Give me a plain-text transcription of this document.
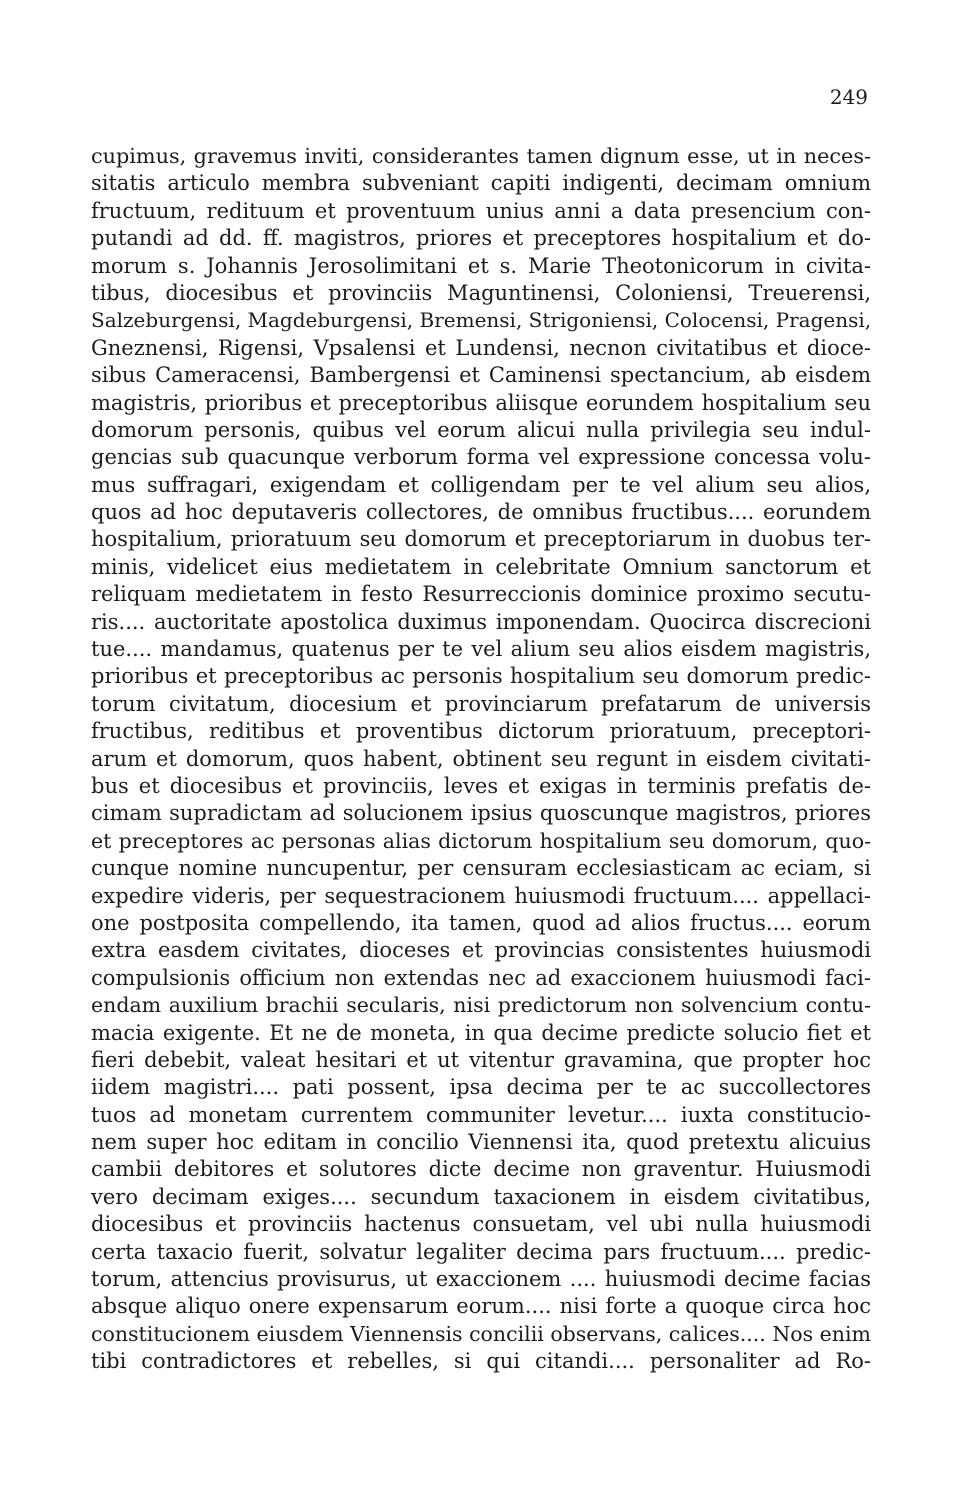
249
cupimus, gravemus inviti, considerantes tamen dignum esse, ut in neces-
sitatis articulo membra subveniant capiti indigenti, decimam omnium
fructuum, redituum et proventuum unius anni a data presencium con-
putandi ad dd. ff. magistros, priores et preceptores hospitalium et do-
morum s. Johannis Jerosolimitani et s. Marie Theotonicorum in civita-
tibus, diocesibus et provinciis Maguntinensi, Coloniensi, Treuerensi,
Salzeburgensi, Magdeburgensi, Bremensi, Strigoniensi, Colocensi, Pragensi,
Gneznensi, Rigensi, Vpsalensi et Lundensi, necnon civitatibus et dioce-
sibus Cameracensi, Bambergensi et Caminensi spectancium, ab eisdem
magistris, prioribus et preceptoribus aliisque eorundem hospitalium seu
domorum personis, quibus vel eorum alicui nulla privilegia seu indul-
gencias sub quacunque verborum forma vel expressione concessa volu-
mus suffragari, exigendam et colligendam per te vel alium seu alios,
quos ad hoc deputaveris collectores, de omnibus fructibus.... eorundem
hospitalium, prioratuum seu domorum et preceptoriarum in duobus ter-
minis, videlicet eius medietatem in celebritate Omnium sanctorum et
reliquam medietatem in festo Resurreccionis dominice proximo secutu-
ris.... auctoritate apostolica duximus imponendam. Quocirca discrecioni
tue.... mandamus, quatenus per te vel alium seu alios eisdem magistris,
prioribus et preceptoribus ac personis hospitalium seu domorum predic-
torum civitatum, diocesium et provinciarum prefatarum de universis
fructibus, reditibus et proventibus dictorum prioratuum, preceptori-
arum et domorum, quos habent, obtinent seu regunt in eisdem civitati-
bus et diocesibus et provinciis, leves et exigas in terminis prefatis de-
cimam supradictam ad solucionem ipsius quoscunque magistros, priores
et preceptores ac personas alias dictorum hospitalium seu domorum, quo-
cunque nomine nuncupentur, per censuram ecclesiasticam ac eciam, si
expedire videris, per sequestracionem huiusmodi fructuum.... appellaci-
one postposita compellendo, ita tamen, quod ad alios fructus.... eorum
extra easdem civitates, dioceses et provincias consistentes huiusmodi
compulsionis officium non extendas nec ad exaccionem huiusmodi faci-
endam auxilium brachii secularis, nisi predictorum non solvencium contu-
macia exigente. Et ne de moneta, in qua decime predicte solucio fiet et
fieri debebit, valeat hesitari et ut vitentur gravamina, que propter hoc
iidem magistri.... pati possent, ipsa decima per te ac succollectores
tuos ad monetam currentem communiter levetur.... iuxta constitucio-
nem super hoc editam in concilio Viennensi ita, quod pretextu alicuius
cambii debitores et solutores dicte decime non graventur. Huiusmodi
vero decimam exiges.... secundum taxacionem in eisdem civitatibus,
diocesibus et provinciis hactenus consuetam, vel ubi nulla huiusmodi
certa taxacio fuerit, solvatur legaliter decima pars fructuum.... predic-
torum, attencius provisurus, ut exaccionem .... huiusmodi decime facias
absque aliquo onere expensarum eorum.... nisi forte a quoque circa hoc
constitucionem eiusdem Viennensis concilii observans, calices.... Nos enim
tibi contradictores et rebelles, si qui citandi.... personaliter ad Ro-
